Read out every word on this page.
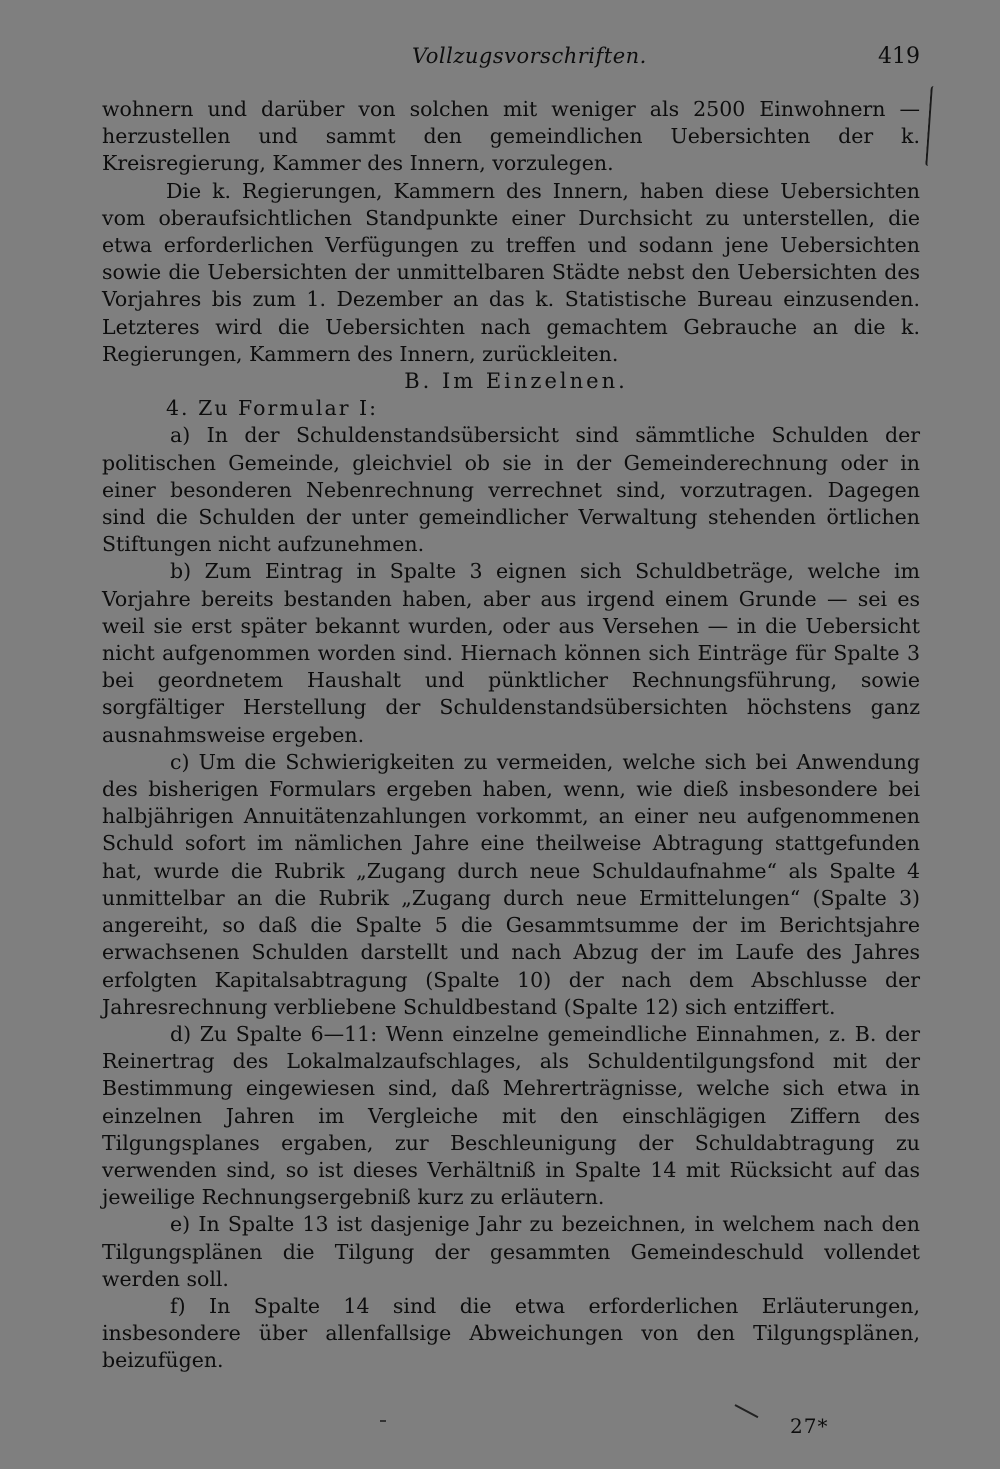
Vollzugsvorschriften.	419

wohnern und darüber von solchen mit weniger als 2500 Einwohnern — herzustellen und sammt den gemeindlichen Uebersichten der k. Kreisregierung, Kammer des Innern, vorzulegen.

Die k. Regierungen, Kammern des Innern, haben diese Uebersichten vom oberaufsichtlichen Standpunkte einer Durchsicht zu unterstellen, die etwa erforderlichen Verfügungen zu treffen und sodann jene Uebersichten sowie die Uebersichten der unmittelbaren Städte nebst den Uebersichten des Vorjahres bis zum 1. Dezember an das k. Statistische Bureau einzusenden. Letzteres wird die Uebersichten nach gemachtem Gebrauche an die k. Regierungen, Kammern des Innern, zurückleiten.

B. Im Einzelnen.

4. Zu Formular I:

a) In der Schuldenstandsübersicht sind sämmtliche Schulden der politischen Gemeinde, gleichviel ob sie in der Gemeinderechnung oder in einer besonderen Nebenrechnung verrechnet sind, vorzutragen. Dagegen sind die Schulden der unter gemeindlicher Verwaltung stehenden örtlichen Stiftungen nicht aufzunehmen.

b) Zum Eintrag in Spalte 3 eignen sich Schuldbeträge, welche im Vorjahre bereits bestanden haben, aber aus irgend einem Grunde — sei es weil sie erst später bekannt wurden, oder aus Versehen — in die Uebersicht nicht aufgenommen worden sind. Hiernach können sich Einträge für Spalte 3 bei geordnetem Haushalt und pünktlicher Rechnungsführung, sowie sorgfältiger Herstellung der Schuldenstandsübersichten höchstens ganz ausnahmsweise ergeben.

c) Um die Schwierigkeiten zu vermeiden, welche sich bei Anwendung des bisherigen Formulars ergeben haben, wenn, wie dieß insbesondere bei halbjährigen Annuitätenzahlungen vorkommt, an einer neu aufgenommenen Schuld sofort im nämlichen Jahre eine theilweise Abtragung stattgefunden hat, wurde die Rubrik „Zugang durch neue Schuldaufnahme“ als Spalte 4 unmittelbar an die Rubrik „Zugang durch neue Ermittelungen“ (Spalte 3) angereiht, so daß die Spalte 5 die Gesammtsumme der im Berichtsjahre erwachsenen Schulden darstellt und nach Abzug der im Laufe des Jahres erfolgten Kapitalsabtragung (Spalte 10) der nach dem Abschlusse der Jahresrechnung verbliebene Schuldbestand (Spalte 12) sich entziffert.

d) Zu Spalte 6—11: Wenn einzelne gemeindliche Einnahmen, z. B. der Reinertrag des Lokalmalzaufschlages, als Schuldentilgungsfond mit der Bestimmung eingewiesen sind, daß Mehrerträgnisse, welche sich etwa in einzelnen Jahren im Vergleiche mit den einschlägigen Ziffern des Tilgungsplanes ergaben, zur Beschleunigung der Schuldabtragung zu verwenden sind, so ist dieses Verhältniß in Spalte 14 mit Rücksicht auf das jeweilige Rechnungsergebniß kurz zu erläutern.

e) In Spalte 13 ist dasjenige Jahr zu bezeichnen, in welchem nach den Tilgungsplänen die Tilgung der gesammten Gemeindeschuld vollendet werden soll.

f) In Spalte 14 sind die etwa erforderlichen Erläuterungen, insbesondere über allenfallsige Abweichungen von den Tilgungsplänen, beizufügen.

27*
